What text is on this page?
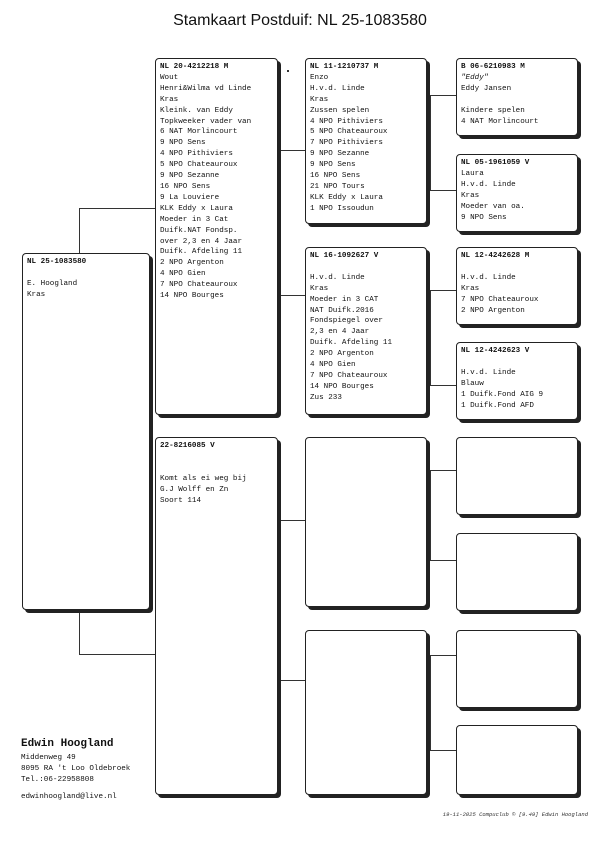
Stamkaart Postduif: NL 25-1083580
NL 25-1083580
E. Hoogland
Kras
NL 20-4212218 M
Wout
Henri&Wilma vd Linde
Kras
Kleink. van Eddy
Topkweeker vader van
6 NAT Morlincourt
9 NPO Sens
4 NPO Pithiviers
5 NPO Chateauroux
9 NPO Sezanne
16 NPO Sens
9 La Louviere
KLK Eddy x Laura
Moeder in 3 Cat
Duifk.NAT Fondsp.
over 2,3 en 4 Jaar
Duifk. Afdeling 11
2 NPO Argenton
4 NPO Gien
7 NPO Chateauroux
14 NPO Bourges
22-8216085 V
Komt als ei weg bij
G.J Wolff en Zn
Soort 114
NL 11-1210737 M
Enzo
H.v.d. Linde
Kras
Zussen spelen
4 NPO Pithiviers
5 NPO Chateauroux
7 NPO Pithiviers
9 NPO Sezanne
9 NPO Sens
16 NPO Sens
21 NPO Tours
KLK Eddy x Laura
1 NPO Issoudun
NL 16-1092627 V
H.v.d. Linde
Kras
Moeder in 3 CAT
NAT Duifk.2016
Fondspiegel over
2,3 en 4 Jaar
Duifk. Afdeling 11
2 NPO Argenton
4 NPO Gien
7 NPO Chateauroux
14 NPO Bourges
Zus 233
B 06-6210983 M
"Eddy"
Eddy Jansen
Kindere spelen
4 NAT Morlincourt
NL 05-1961059 V
Laura
H.v.d. Linde
Kras
Moeder van oa.
9 NPO Sens
NL 12-4242628 M
H.v.d. Linde
Kras
7 NPO Chateauroux
2 NPO Argenton
NL 12-4242623 V
H.v.d. Linde
Blauw
1 Duifk.Fond AIG 9
1 Duifk.Fond AFD
Edwin Hoogland
Middenweg 49
8095 RA 't Loo Oldebroek
Tel.:06-22958808
edwinhoogland@live.nl
19-11-2025 Compuclub © [9.49] Edwin Hoogland
